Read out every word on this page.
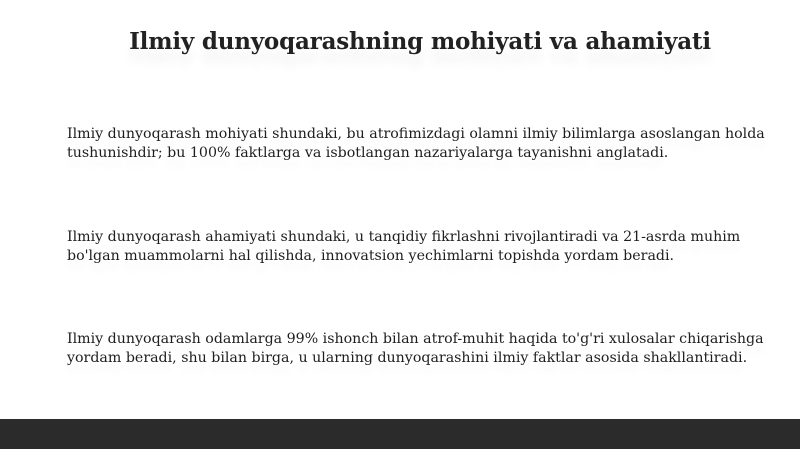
Ilmiy dunyoqarashning mohiyati va ahamiyati

Ilmiy dunyoqarash mohiyati shundaki, bu atrofimizdagi olamni ilmiy bilimlarga asoslangan holda tushunishdir; bu 100% faktlarga va isbotlangan nazariyalarga tayanishni anglatadi.

Ilmiy dunyoqarash ahamiyati shundaki, u tanqidiy fikrlashni rivojlantiradi va 21-asrda muhim bo'lgan muammolarni hal qilishda, innovatsion yechimlarni topishda yordam beradi.

Ilmiy dunyoqarash odamlarga 99% ishonch bilan atrof-muhit haqida to'g'ri xulosalar chiqarishga yordam beradi, shu bilan birga, u ularning dunyoqarashini ilmiy faktlar asosida shakllantiradi.
